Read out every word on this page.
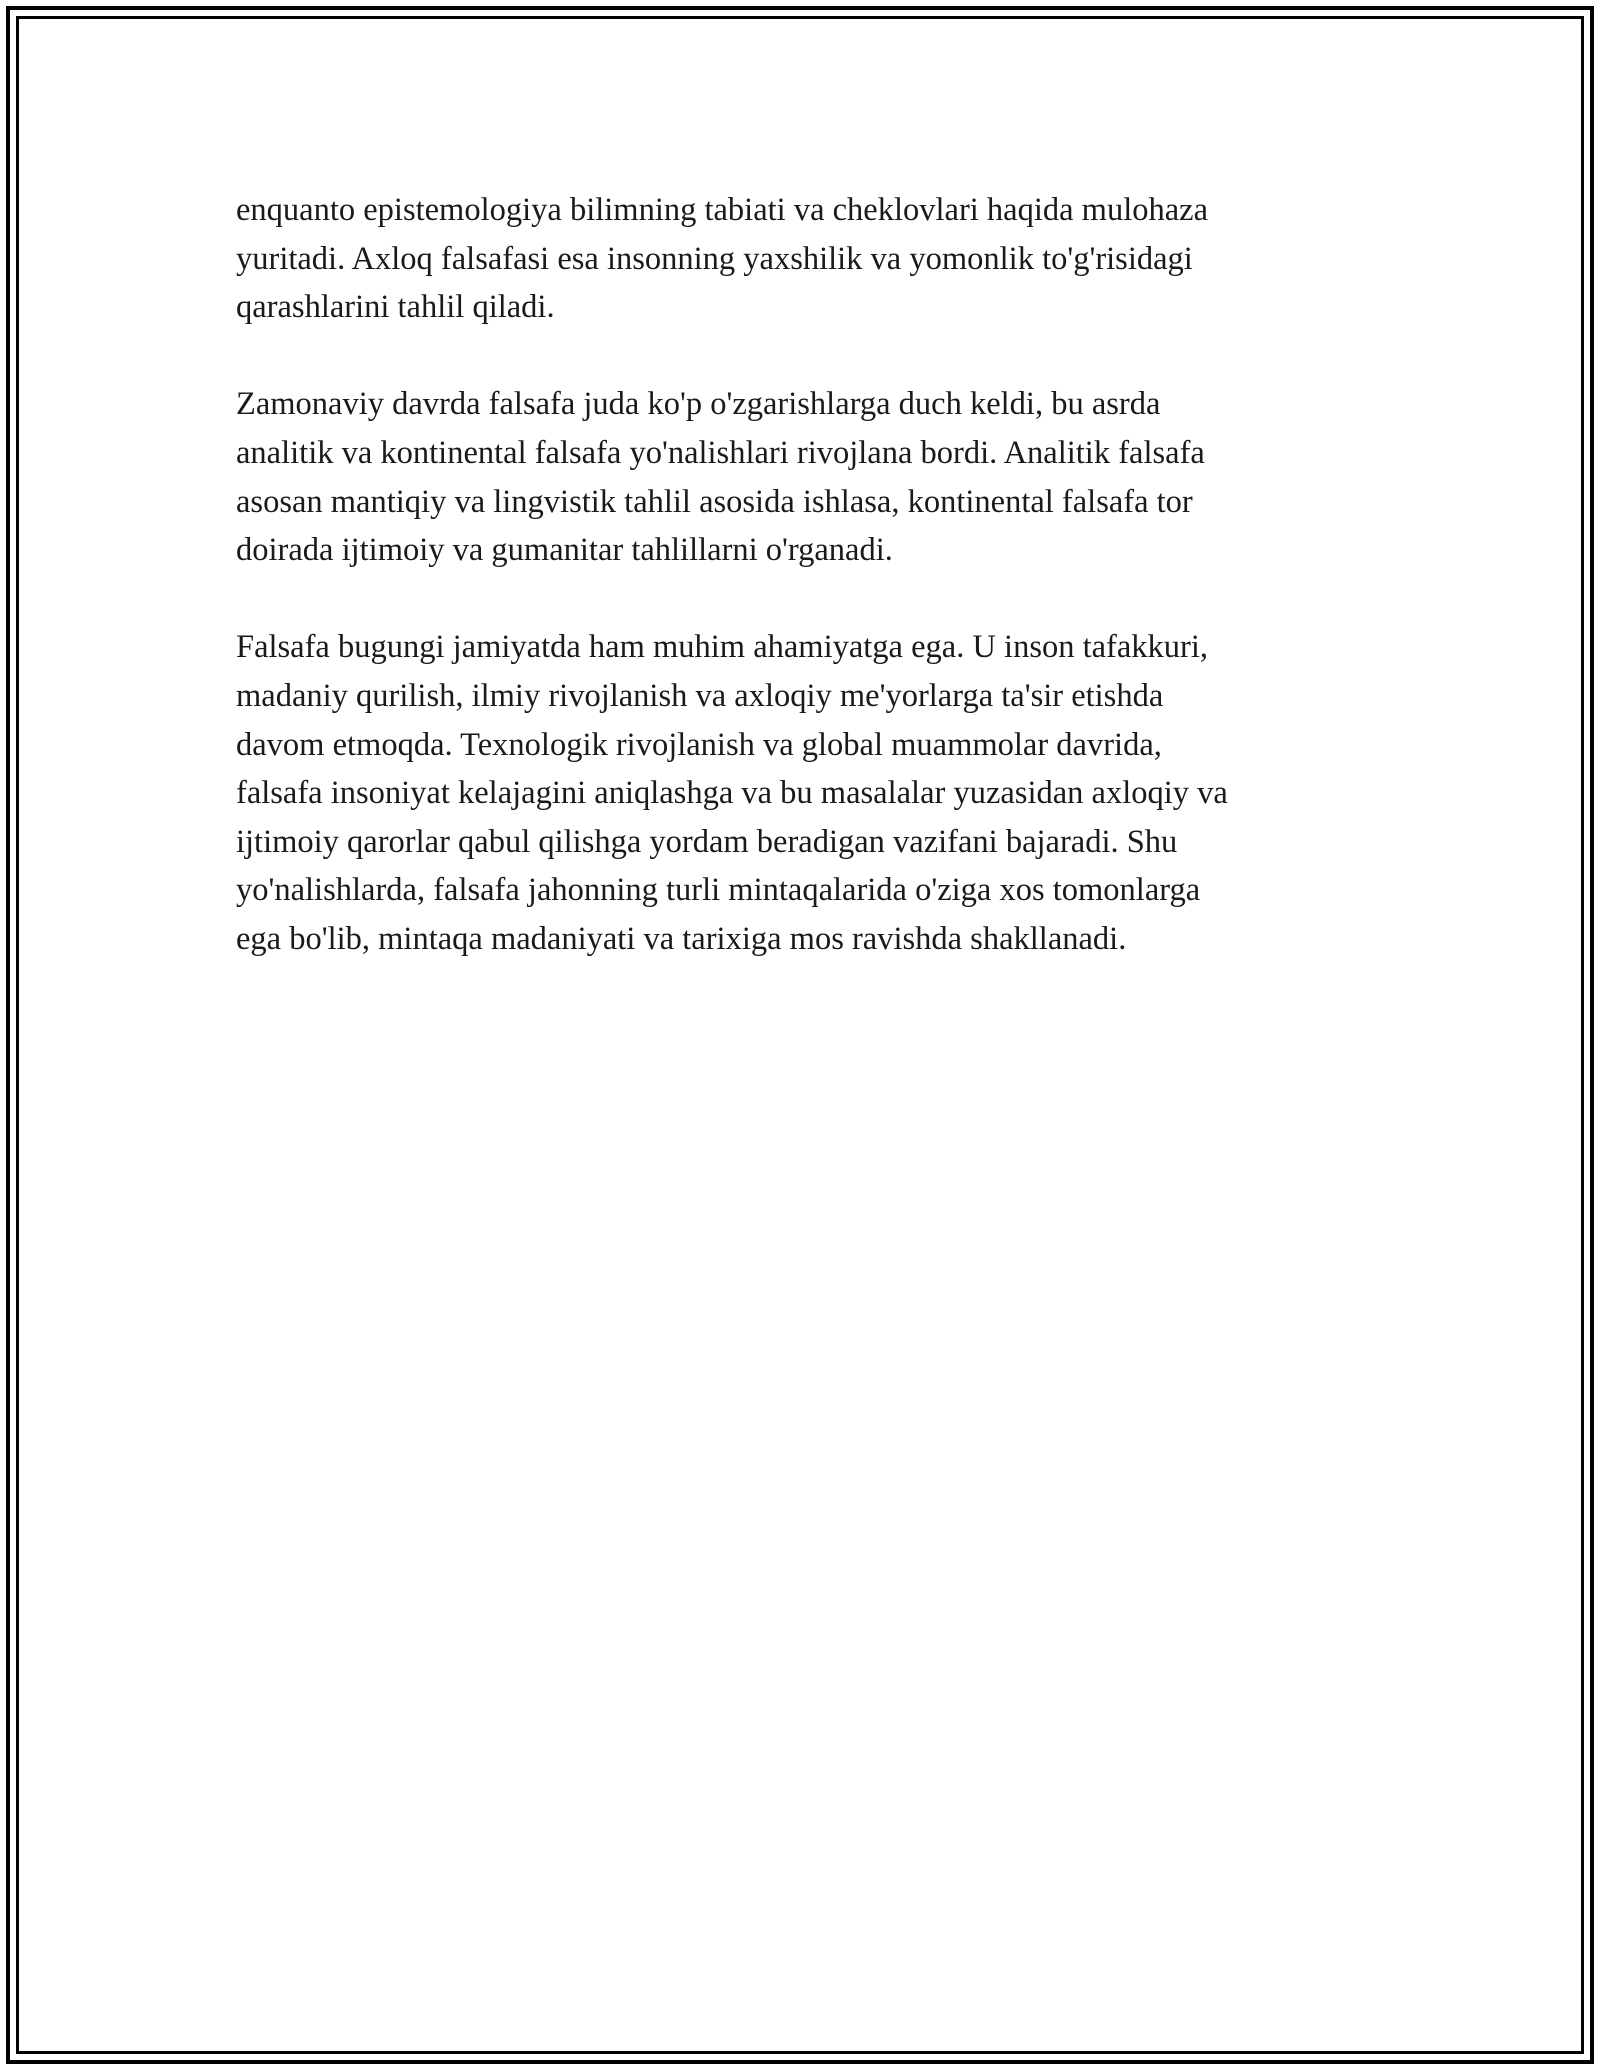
enquanto epistemologiya bilimning tabiati va cheklovlari haqida mulohaza
yuritadi. Axloq falsafasi esa insonning yaxshilik va yomonlik to'g'risidagi
qarashlarini tahlil qiladi.

Zamonaviy davrda falsafa juda ko'p o'zgarishlarga duch keldi, bu asrda
analitik va kontinental falsafa yo'nalishlari rivojlana bordi. Analitik falsafa
asosan mantiqiy va lingvistik tahlil asosida ishlasa, kontinental falsafa tor
doirada ijtimoiy va gumanitar tahlillarni o'rganadi.

Falsafa bugungi jamiyatda ham muhim ahamiyatga ega. U inson tafakkuri,
madaniy qurilish, ilmiy rivojlanish va axloqiy me'yorlarga ta'sir etishda
davom etmoqda. Texnologik rivojlanish va global muammolar davrida,
falsafa insoniyat kelajagini aniqlashga va bu masalalar yuzasidan axloqiy va
ijtimoiy qarorlar qabul qilishga yordam beradigan vazifani bajaradi. Shu
yo'nalishlarda, falsafa jahonning turli mintaqalarida o'ziga xos tomonlarga
ega bo'lib, mintaqa madaniyati va tarixiga mos ravishda shakllanadi.
